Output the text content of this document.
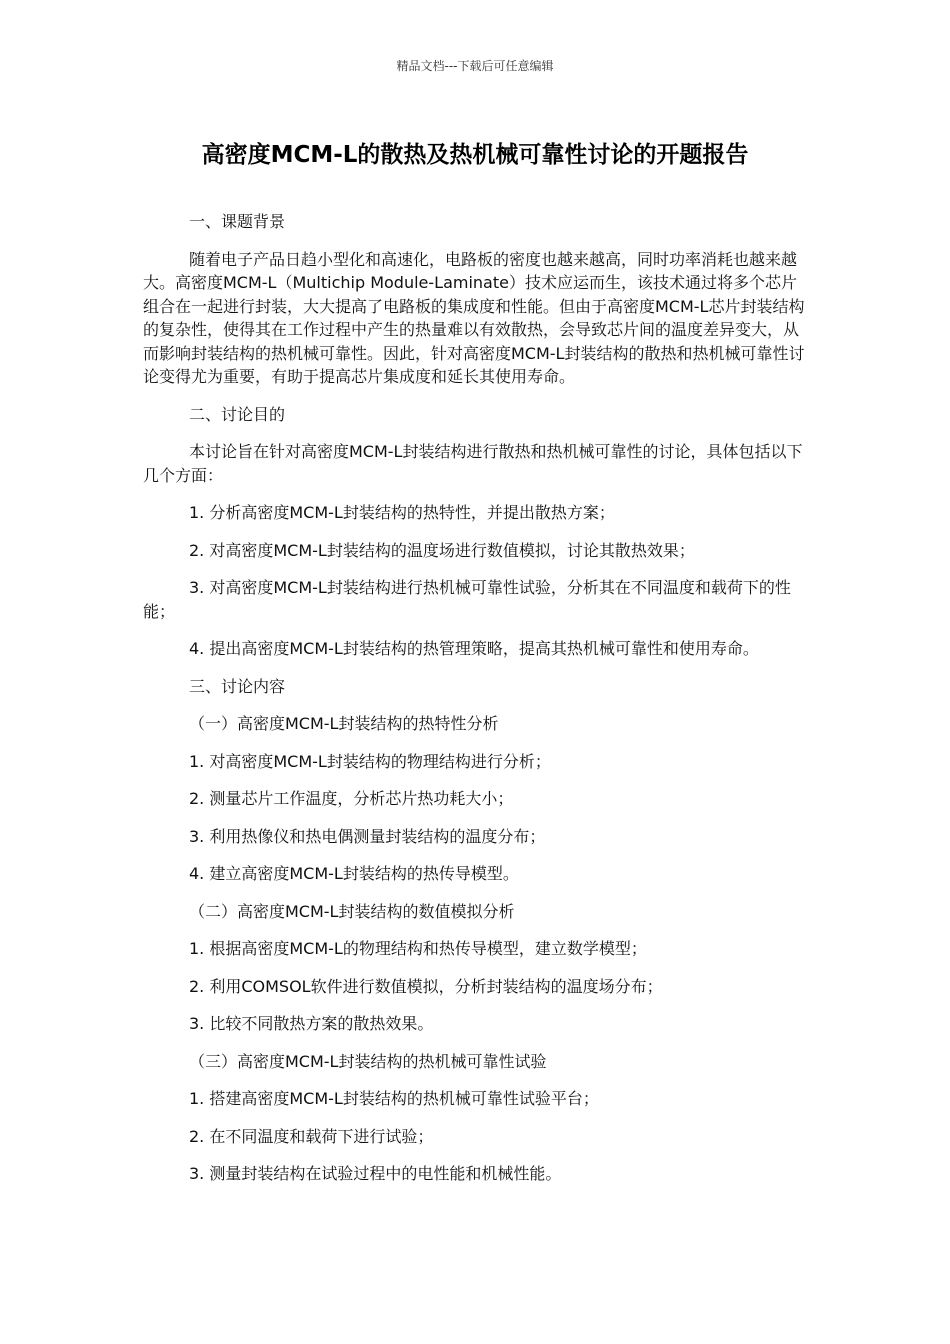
精品文档---下载后可任意编辑
高密度MCM-L的散热及热机械可靠性讨论的开题报告

一、课题背景

随着电子产品日趋小型化和高速化，电路板的密度也越来越高，同时功率消耗也越来越大。高密度MCM-L（Multichip Module-Laminate）技术应运而生，该技术通过将多个芯片组合在一起进行封装，大大提高了电路板的集成度和性能。但由于高密度MCM-L芯片封装结构的复杂性，使得其在工作过程中产生的热量难以有效散热，会导致芯片间的温度差异变大，从而影响封装结构的热机械可靠性。因此，针对高密度MCM-L封装结构的散热和热机械可靠性讨论变得尤为重要，有助于提高芯片集成度和延长其使用寿命。

二、讨论目的

本讨论旨在针对高密度MCM-L封装结构进行散热和热机械可靠性的讨论，具体包括以下几个方面：

1. 分析高密度MCM-L封装结构的热特性，并提出散热方案；

2. 对高密度MCM-L封装结构的温度场进行数值模拟，讨论其散热效果；

3. 对高密度MCM-L封装结构进行热机械可靠性试验，分析其在不同温度和载荷下的性能；

4. 提出高密度MCM-L封装结构的热管理策略，提高其热机械可靠性和使用寿命。

三、讨论内容

（一）高密度MCM-L封装结构的热特性分析

1. 对高密度MCM-L封装结构的物理结构进行分析；

2. 测量芯片工作温度，分析芯片热功耗大小；

3. 利用热像仪和热电偶测量封装结构的温度分布；

4. 建立高密度MCM-L封装结构的热传导模型。

（二）高密度MCM-L封装结构的数值模拟分析

1. 根据高密度MCM-L的物理结构和热传导模型，建立数学模型；

2. 利用COMSOL软件进行数值模拟，分析封装结构的温度场分布；

3. 比较不同散热方案的散热效果。

（三）高密度MCM-L封装结构的热机械可靠性试验

1. 搭建高密度MCM-L封装结构的热机械可靠性试验平台；

2. 在不同温度和载荷下进行试验；

3. 测量封装结构在试验过程中的电性能和机械性能。
